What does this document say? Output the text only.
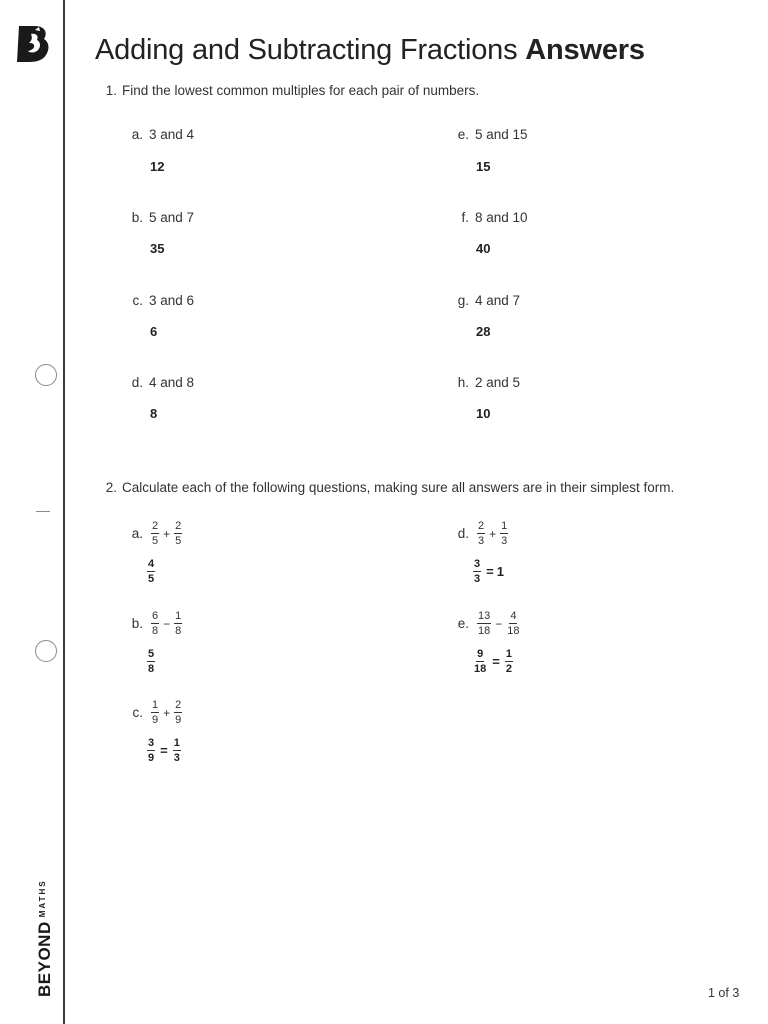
$BEYOND^{MATHS}$
Adding and Subtracting Fractions Answers
1. Find the lowest common multiples for each pair of numbers.
a. 3 and 4
12
b. 5 and 7
35
c. 3 and 6
6
d. 4 and 8
8
e. 5 and 15
15
f. 8 and 10
40
g. 4 and 7
28
h. 2 and 5
10
2. Calculate each of the following questions, making sure all answers are in their simplest form.
a. $\frac{2}{5} + \frac{2}{5}$
$\frac{4}{5}$
b. $\frac{6}{8} - \frac{1}{8}$
$\frac{5}{8}$
c. $\frac{1}{9} + \frac{2}{9}$
$\frac{3}{9} = \frac{1}{3}$
d. $\frac{2}{3} + \frac{1}{3}$
$\frac{3}{3} = 1$
e. $\frac{13}{18} - \frac{4}{18}$
$\frac{9}{18} = \frac{1}{2}$
1 of 3
